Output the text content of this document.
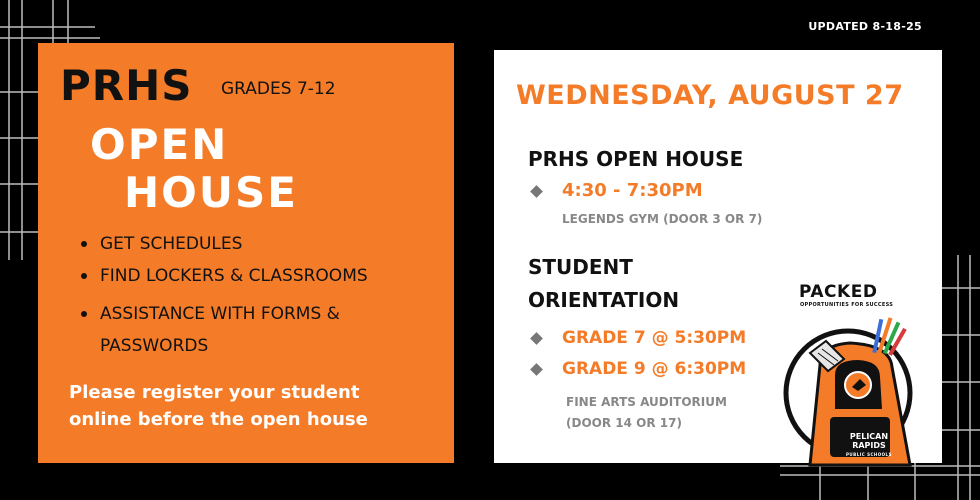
UPDATED 8-18-25
PRHS GRADES 7-12
OPEN
HOUSE
GET SCHEDULES
FIND LOCKERS & CLASSROOMS
ASSISTANCE WITH FORMS & PASSWORDS
Please register your student online before the open house
WEDNESDAY, AUGUST 27
PRHS OPEN HOUSE
4:30 - 7:30PM
LEGENDS GYM (DOOR 3 OR 7)
STUDENT
ORIENTATION
GRADE 7 @ 5:30PM
GRADE 9 @ 6:30PM
FINE ARTS AUDITORIUM
(DOOR 14 OR 17)
PACKED
OPPORTUNITIES FOR SUCCESS
PELICAN
RAPIDS
PUBLIC SCHOOLS
